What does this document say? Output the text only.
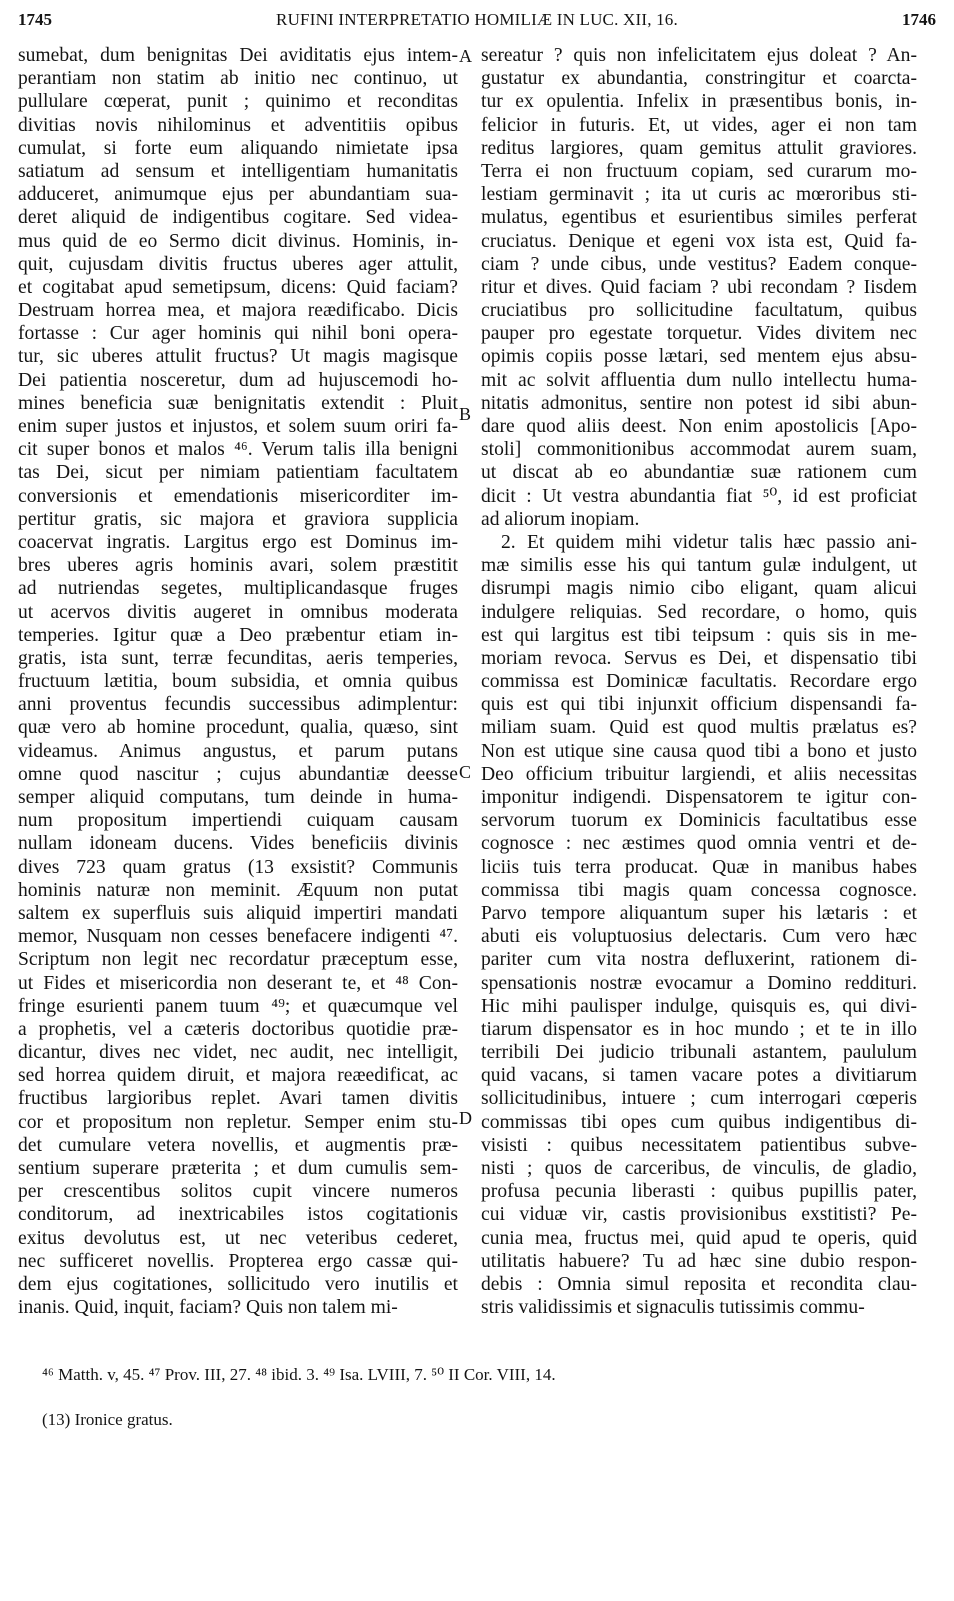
1745	RUFINI INTERPRETATIO HOMILIÆ IN LUC. XII, 16.	1746
sumebat, dum benignitas Dei aviditatis ejus intem-
perantiam non statim ab initio nec continuo, ut
pullulare cœperat, punit ; quinimo et reconditas
divitias novis nihilominus et adventitiis opibus
cumulat, si forte eum aliquando nimietate ipsa
satiatum ad sensum et intelligentiam humanitatis
adduceret, animumque ejus per abundantiam sua-
deret aliquid de indigentibus cogitare. Sed videa-
mus quid de eo Sermo dicit divinus. Hominis, in-
quit, cujusdam divitis fructus uberes ager attulit,
et cogitabat apud semetipsum, dicens: Quid faciam?
Destruam horrea mea, et majora reædificabo. Dicis
fortasse : Cur ager hominis qui nihil boni opera-
tur, sic uberes attulit fructus? Ut magis magisque
Dei patientia nosceretur, dum ad hujuscemodi ho-
mines beneficia suæ benignitatis extendit : Pluit
enim super justos et injustos, et solem suum oriri fa-
cit super bonos et malos ⁴⁶. Verum talis illa benigni
tas Dei, sicut per nimiam patientiam facultatem
conversionis et emendationis misericorditer im-
pertitur gratis, sic majora et graviora supplicia
coacervat ingratis. Largitus ergo est Dominus im-
bres uberes agris hominis avari, solem præstitit
ad nutriendas segetes, multiplicandasque fruges
ut acervos divitis augeret in omnibus moderata
temperies. Igitur quæ a Deo præbentur etiam in-
gratis, ista sunt, terræ fecunditas, aeris temperies,
fructuum lætitia, boum subsidia, et omnia quibus
anni proventus fecundis successibus adimplentur:
quæ vero ab homine procedunt, qualia, quæso, sint
videamus. Animus angustus, et parum putans
omne quod nascitur ; cujus abundantiæ deesse
semper aliquid computans, tum deinde in huma-
num propositum impertiendi cuiquam causam
nullam idoneam ducens. Vides beneficiis divinis
dives 723 quam gratus (13 exsistit? Communis
hominis naturæ non meminit. Æquum non putat
saltem ex superfluis suis aliquid impertiri mandati
memor, Nusquam non cesses benefacere indigenti ⁴⁷.
Scriptum non legit nec recordatur præceptum esse,
ut Fides et misericordia non deserant te, et ⁴⁸ Con-
fringe esurienti panem tuum ⁴⁹; et quæcumque vel
a prophetis, vel a cæteris doctoribus quotidie præ-
dicantur, dives nec videt, nec audit, nec intelligit,
sed horrea quidem diruit, et majora reæedificat, ac
fructibus largioribus replet. Avari tamen divitis
cor et propositum non repletur. Semper enim stu-
det cumulare vetera novellis, et augmentis præ-
sentium superare præterita ; et dum cumulis sem-
per crescentibus solitos cupit vincere numeros
conditorum, ad inextricabiles istos cogitationis
exitus devolutus est, ut nec veteribus cederet,
nec sufficeret novellis. Propterea ergo cassæ qui-
dem ejus cogitationes, sollicitudo vero inutilis et
inanis. Quid, inquit, faciam? Quis non talem mi-
sereatur ? quis non infelicitatem ejus doleat ? An-
gustatur ex abundantia, constringitur et coarcta-
tur ex opulentia. Infelix in præsentibus bonis, in-
felicior in futuris. Et, ut vides, ager ei non tam
reditus largiores, quam gemitus attulit graviores.
Terra ei non fructuum copiam, sed curarum mo-
lestiam germinavit ; ita ut curis ac mœroribus sti-
mulatus, egentibus et esurientibus similes perferat
cruciatus. Denique et egeni vox ista est, Quid fa-
ciam ? unde cibus, unde vestitus? Eadem conque-
ritur et dives. Quid faciam ? ubi recondam ? Iisdem
cruciatibus pro sollicitudine facultatum, quibus
pauper pro egestate torquetur. Vides divitem nec
opimis copiis posse lætari, sed mentem ejus absu-
mit ac solvit affluentia dum nullo intellectu huma-
nitatis admonitus, sentire non potest id sibi abun-
dare quod aliis deest. Non enim apostolicis [Apo-
stoli] commonitionibus accommodat aurem suam,
ut discat ab eo abundantiæ suæ rationem cum
dicit : Ut vestra abundantia fiat ⁵⁰, id est proficiat
ad aliorum inopiam.
2. Et quidem mihi videtur talis hæc passio ani-
mæ similis esse his qui tantum gulæ indulgent, ut
disrumpi magis nimio cibo eligant, quam alicui
indulgere reliquias. Sed recordare, o homo, quis
est qui largitus est tibi teipsum : quis sis in me-
moriam revoca. Servus es Dei, et dispensatio tibi
commissa est Dominicæ facultatis. Recordare ergo
quis est qui tibi injunxit officium dispensandi fa-
miliam suam. Quid est quod multis prælatus es?
Non est utique sine causa quod tibi a bono et justo
Deo officium tribuitur largiendi, et aliis necessitas
imponitur indigendi. Dispensatorem te igitur con-
servorum tuorum ex Dominicis facultatibus esse
cognosce : nec æstimes quod omnia ventri et de-
liciis tuis terra producat. Quæ in manibus habes
commissa tibi magis quam concessa cognosce.
Parvo tempore aliquantum super his lætaris : et
abuti eis voluptuosius delectaris. Cum vero hæc
pariter cum vita nostra defluxerint, rationem di-
spensationis nostræ evocamur a Domino reddituri.
Hic mihi paulisper indulge, quisquis es, qui divi-
tiarum dispensator es in hoc mundo ; et te in illo
terribili Dei judicio tribunali astantem, paululum
quid vacans, si tamen vacare potes a divitiarum
sollicitudinibus, intuere ; cum interrogari cœperis
commissas tibi opes cum quibus indigentibus di-
visisti : quibus necessitatem patientibus subve-
nisti ; quos de carceribus, de vinculis, de gladio,
profusa pecunia liberasti : quibus pupillis pater,
cui viduæ vir, castis provisionibus exstitisti? Pe-
cunia mea, fructus mei, quid apud te operis, quid
utilitatis habuere? Tu ad hæc sine dubio respon-
debis : Omnia simul reposita et recondita clau-
stris validissimis et signaculis tutissimis commu-
A
B
C
D
⁴⁶ Matth. v, 45. ⁴⁷ Prov. III, 27. ⁴⁸ ibid. 3. ⁴⁹ Isa. LVIII, 7. ⁵⁰ II Cor. VIII, 14.
(13) Ironice gratus.
